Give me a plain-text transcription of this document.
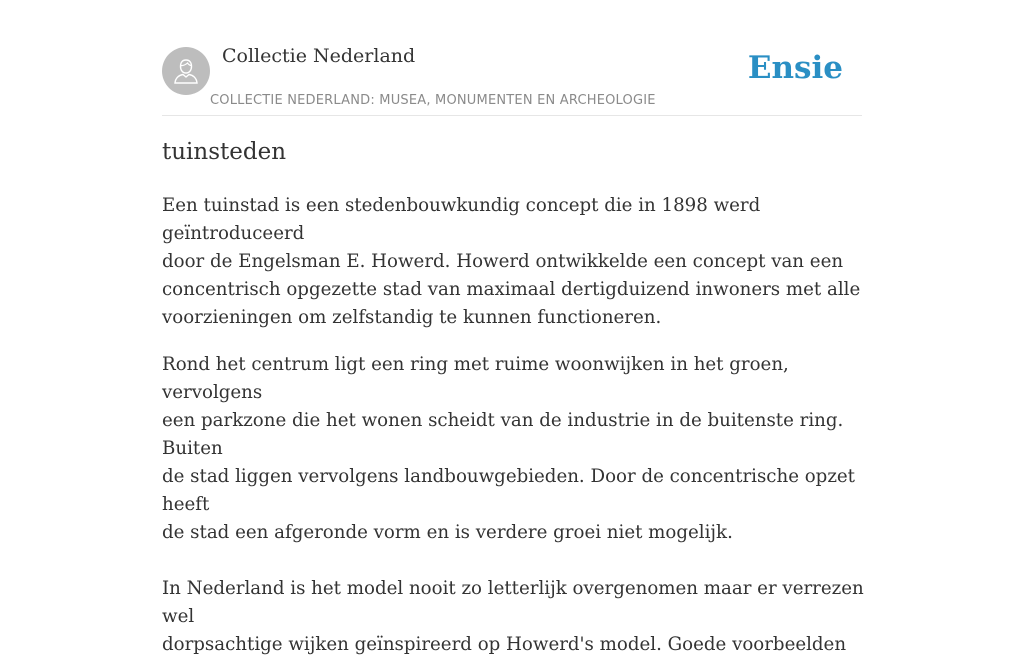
Collectie Nederland
COLLECTIE NEDERLAND: MUSEA, MONUMENTEN EN ARCHEOLOGIE
Ensie
tuinsteden

Een tuinstad is een stedenbouwkundig concept die in 1898 werd geïntroduceerd
door de Engelsman E. Howerd. Howerd ontwikkelde een concept van een
concentrisch opgezette stad van maximaal dertigduizend inwoners met alle
voorzieningen om zelfstandig te kunnen functioneren.

Rond het centrum ligt een ring met ruime woonwijken in het groen, vervolgens
een parkzone die het wonen scheidt van de industrie in de buitenste ring. Buiten
de stad liggen vervolgens landbouwgebieden. Door de concentrische opzet heeft
de stad een afgeronde vorm en is verdere groei niet mogelijk.

In Nederland is het model nooit zo letterlijk overgenomen maar er verrezen wel
dorpsachtige wijken geïnspireerd op Howerd's model. Goede voorbeelden
